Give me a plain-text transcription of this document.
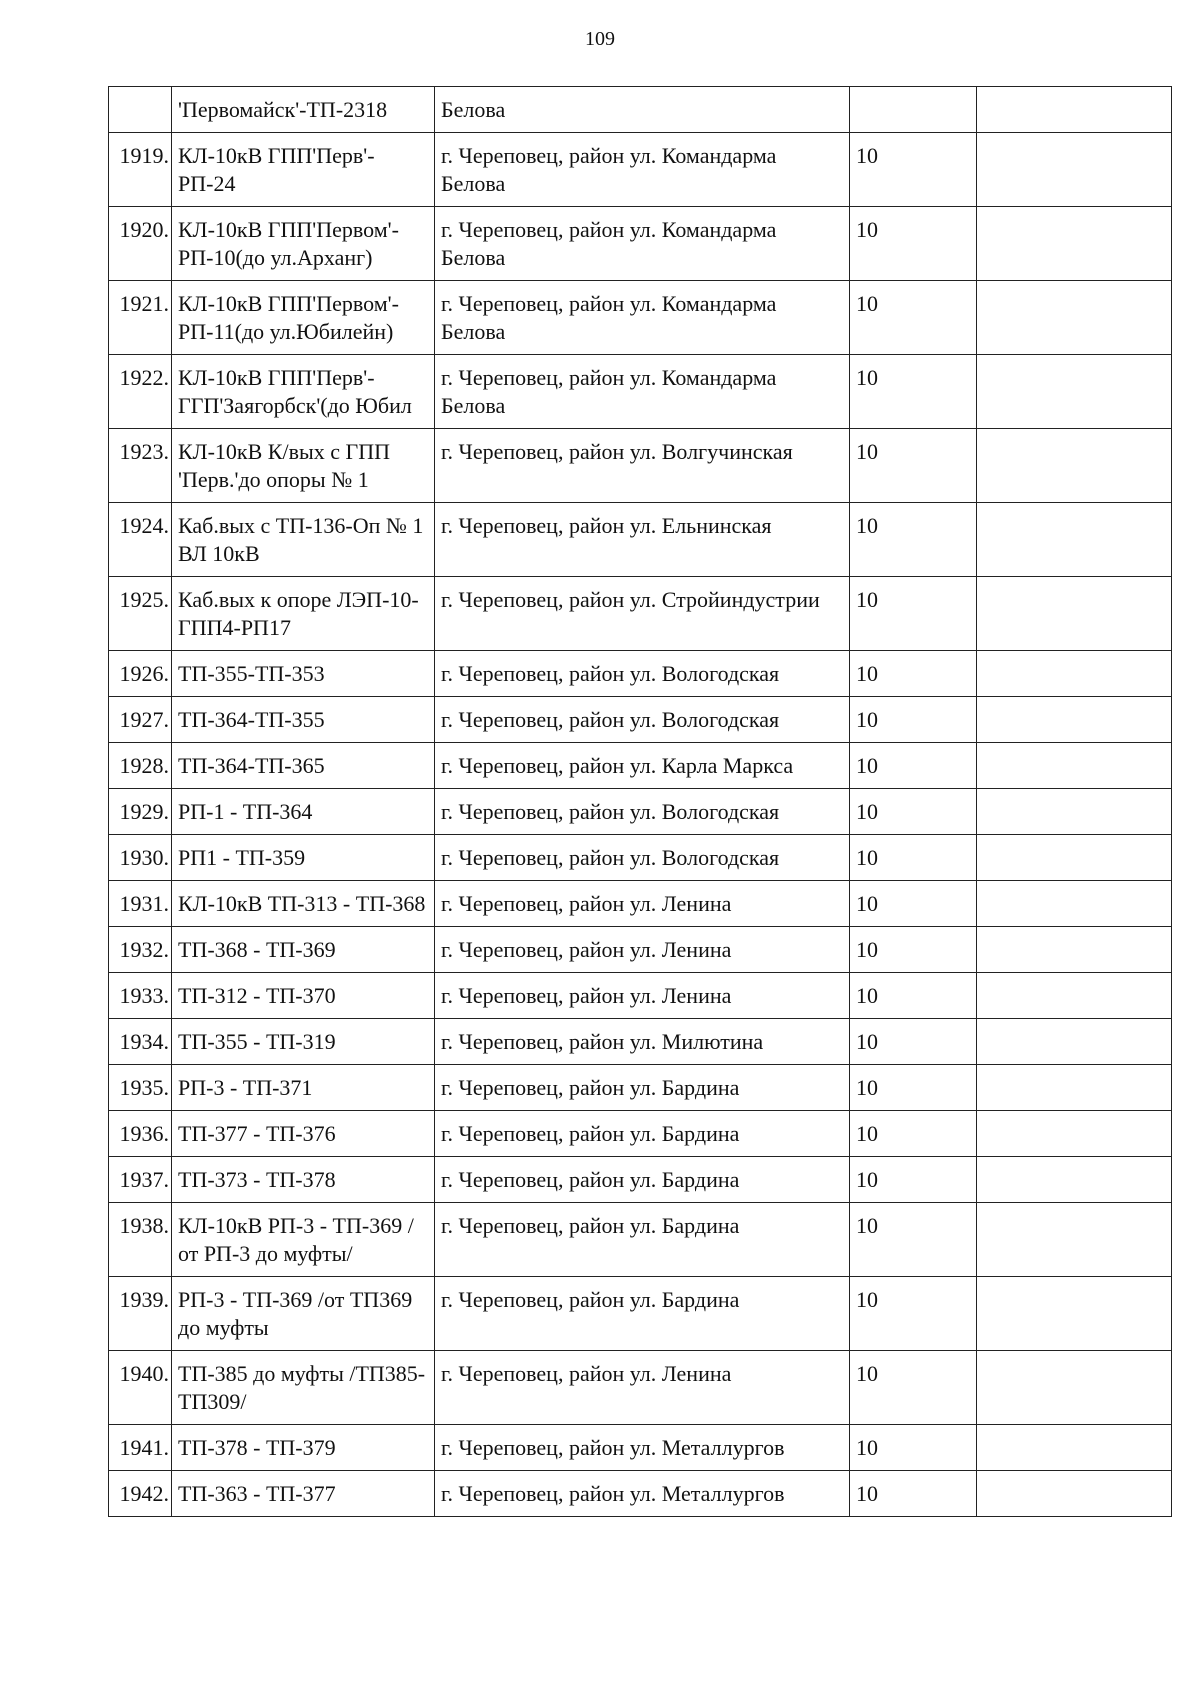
109
	'Первомайск'-ТП-2318	Белова		
1919.	КЛ-10кВ ГПП'Перв'-РП-24	г. Череповец, район ул. Командарма Белова	10	
1920.	КЛ-10кВ ГПП'Первом'-РП-10(до ул.Арханг)	г. Череповец, район ул. Командарма Белова	10	
1921.	КЛ-10кВ ГПП'Первом'-РП-11(до ул.Юбилейн)	г. Череповец, район ул. Командарма Белова	10	
1922.	КЛ-10кВ ГПП'Перв'-ГГП'Заягорбск'(до Юбил	г. Череповец, район ул. Командарма Белова	10	
1923.	КЛ-10кВ К/вых с ГПП 'Перв.'до опоры № 1	г. Череповец, район ул. Волгучинская	10	
1924.	Каб.вых с ТП-136-Оп № 1 ВЛ 10кВ	г. Череповец, район ул. Ельнинская	10	
1925.	Каб.вых к опоре ЛЭП-10-ГПП4-РП17	г. Череповец, район ул. Стройиндустрии	10	
1926.	ТП-355-ТП-353	г. Череповец, район ул. Вологодская	10	
1927.	ТП-364-ТП-355	г. Череповец, район ул. Вологодская	10	
1928.	ТП-364-ТП-365	г. Череповец, район ул. Карла Маркса	10	
1929.	РП-1 - ТП-364	г. Череповец, район ул. Вологодская	10	
1930.	РП1 - ТП-359	г. Череповец, район ул. Вологодская	10	
1931.	КЛ-10кВ ТП-313 - ТП-368	г. Череповец, район ул. Ленина	10	
1932.	ТП-368 - ТП-369	г. Череповец, район ул. Ленина	10	
1933.	ТП-312 - ТП-370	г. Череповец, район ул. Ленина	10	
1934.	ТП-355 - ТП-319	г. Череповец, район ул. Милютина	10	
1935.	РП-3 - ТП-371	г. Череповец, район ул. Бардина	10	
1936.	ТП-377 - ТП-376	г. Череповец, район ул. Бардина	10	
1937.	ТП-373 - ТП-378	г. Череповец, район ул. Бардина	10	
1938.	КЛ-10кВ РП-3 - ТП-369 /от РП-3 до муфты/	г. Череповец, район ул. Бардина	10	
1939.	РП-3 - ТП-369 /от ТП369 до муфты	г. Череповец, район ул. Бардина	10	
1940.	ТП-385 до муфты /ТП385-ТП309/	г. Череповец, район ул. Ленина	10	
1941.	ТП-378 - ТП-379	г. Череповец, район ул. Металлургов	10	
1942.	ТП-363 - ТП-377	г. Череповец, район ул. Металлургов	10	
